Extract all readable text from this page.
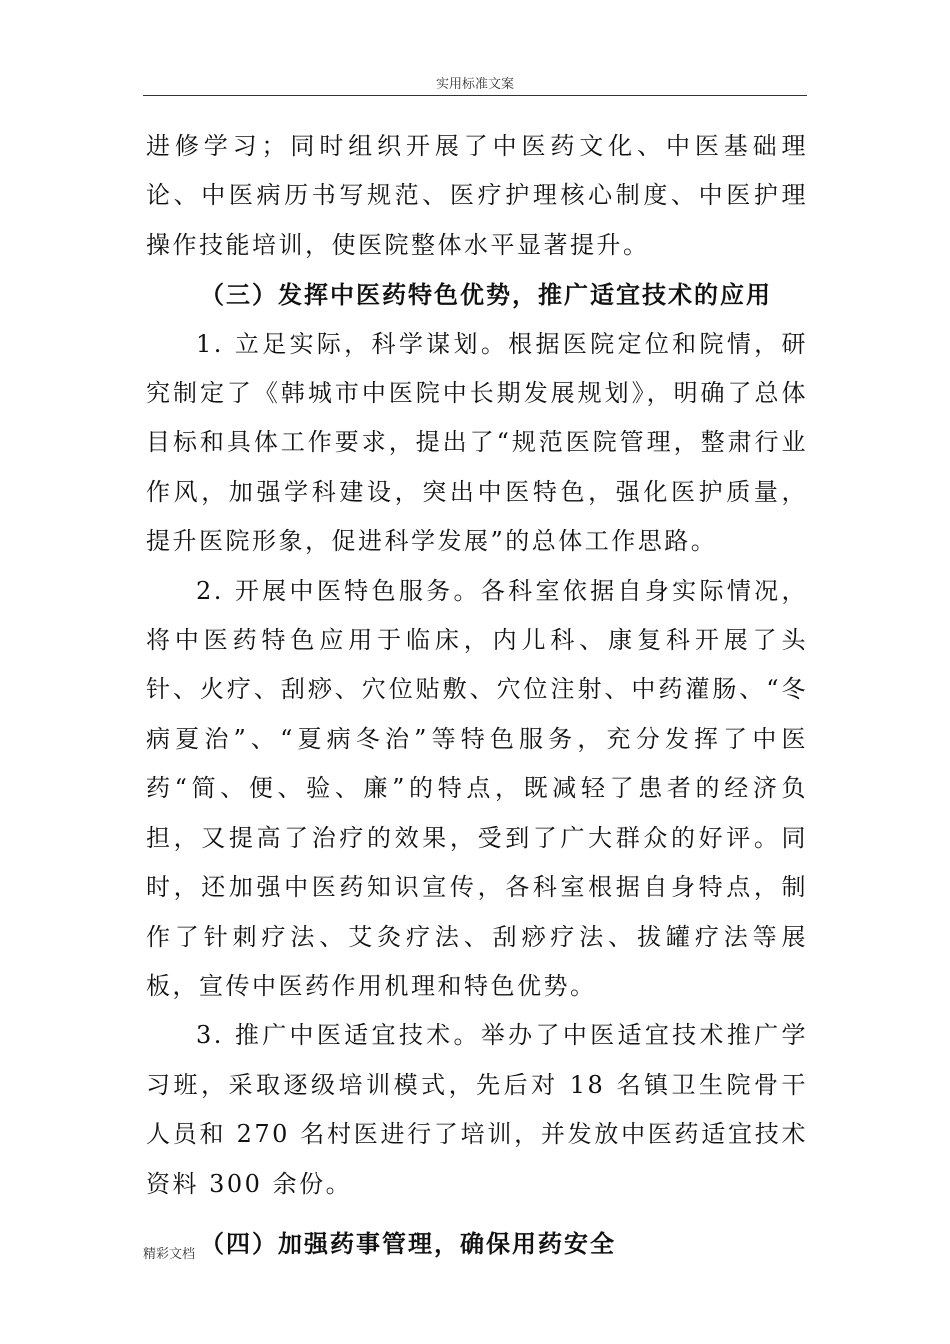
实用标准文案

进修学习；同时组织开展了中医药文化、中医基础理论、中医病历书写规范、医疗护理核心制度、中医护理操作技能培训，使医院整体水平显著提升。

（三）发挥中医药特色优势，推广适宜技术的应用

1. 立足实际，科学谋划。根据医院定位和院情，研究制定了《韩城市中医院中长期发展规划》，明确了总体目标和具体工作要求，提出了“规范医院管理，整肃行业作风，加强学科建设，突出中医特色，强化医护质量，提升医院形象，促进科学发展”的总体工作思路。

2. 开展中医特色服务。各科室依据自身实际情况，将中医药特色应用于临床，内儿科、康复科开展了头针、火疗、刮痧、穴位贴敷、穴位注射、中药灌肠、“冬病夏治”、“夏病冬治”等特色服务，充分发挥了中医药“简、便、验、廉”的特点，既减轻了患者的经济负担，又提高了治疗的效果，受到了广大群众的好评。同时，还加强中医药知识宣传，各科室根据自身特点，制作了针刺疗法、艾灸疗法、刮痧疗法、拔罐疗法等展板，宣传中医药作用机理和特色优势。

3. 推广中医适宜技术。举办了中医适宜技术推广学习班，采取逐级培训模式，先后对 18 名镇卫生院骨干人员和 270 名村医进行了培训，并发放中医药适宜技术资料 300 余份。

（四）加强药事管理，确保用药安全

精彩文档
